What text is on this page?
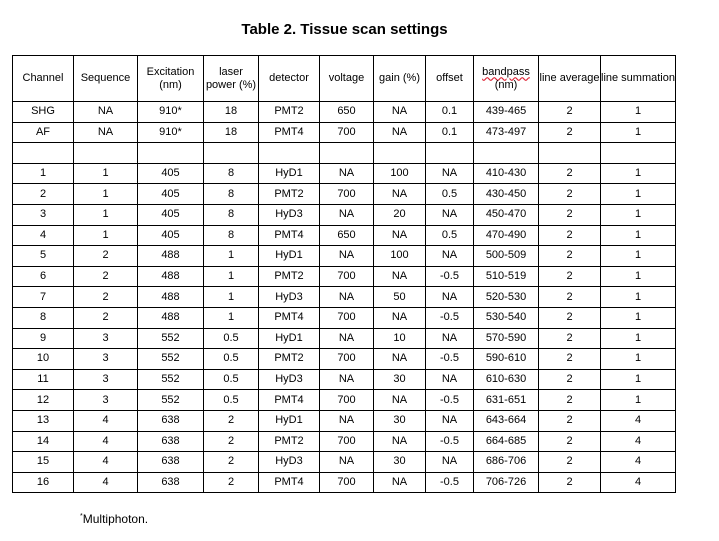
Table 2. Tissue scan settings
Channel	Sequence	Excitation (nm)	laser power (%)	detector	voltage	gain (%)	offset	bandpass (nm)	line average	line summation
SHG	NA	910*	18	PMT2	650	NA	0.1	439-465	2	1
AF	NA	910*	18	PMT4	700	NA	0.1	473-497	2	1

1	1	405	8	HyD1	NA	100	NA	410-430	2	1
2	1	405	8	PMT2	700	NA	0.5	430-450	2	1
3	1	405	8	HyD3	NA	20	NA	450-470	2	1
4	1	405	8	PMT4	650	NA	0.5	470-490	2	1
5	2	488	1	HyD1	NA	100	NA	500-509	2	1
6	2	488	1	PMT2	700	NA	-0.5	510-519	2	1
7	2	488	1	HyD3	NA	50	NA	520-530	2	1
8	2	488	1	PMT4	700	NA	-0.5	530-540	2	1
9	3	552	0.5	HyD1	NA	10	NA	570-590	2	1
10	3	552	0.5	PMT2	700	NA	-0.5	590-610	2	1
11	3	552	0.5	HyD3	NA	30	NA	610-630	2	1
12	3	552	0.5	PMT4	700	NA	-0.5	631-651	2	1
13	4	638	2	HyD1	NA	30	NA	643-664	2	4
14	4	638	2	PMT2	700	NA	-0.5	664-685	2	4
15	4	638	2	HyD3	NA	30	NA	686-706	2	4
16	4	638	2	PMT4	700	NA	-0.5	706-726	2	4
*Multiphoton.
